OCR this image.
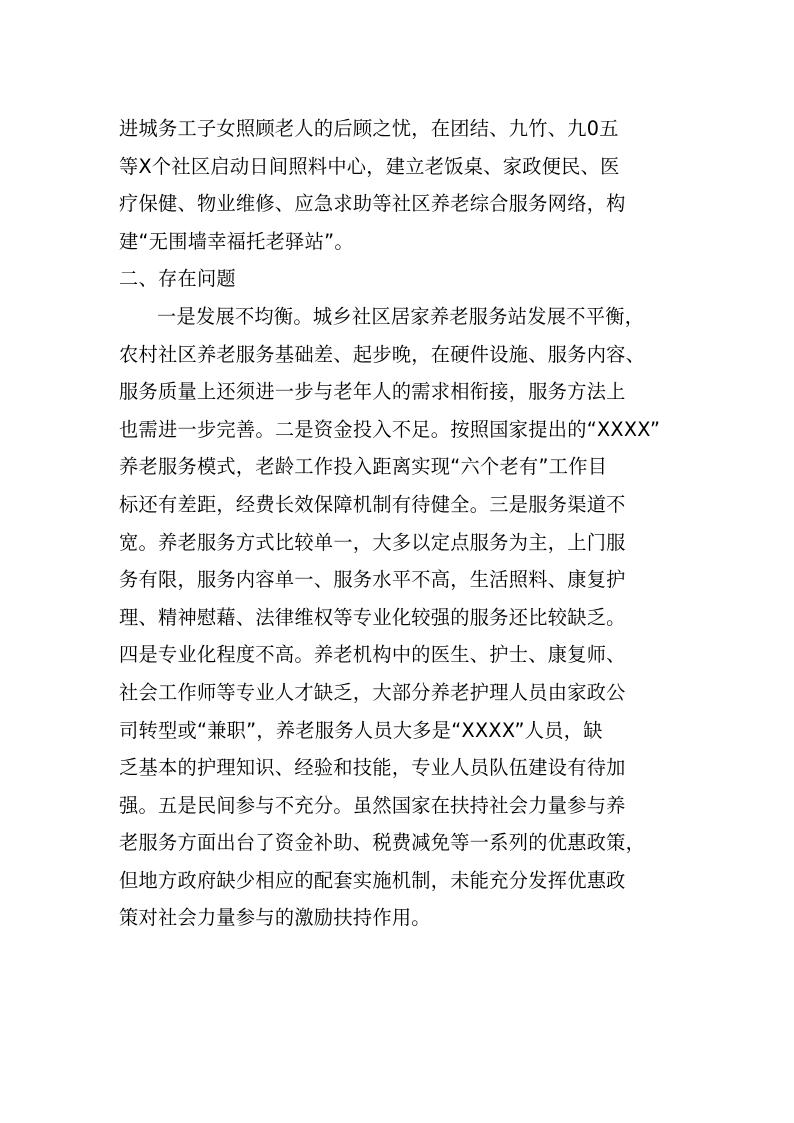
进城务工子女照顾老人的后顾之忧，在团结、九竹、九0五
等X个社区启动日间照料中心，建立老饭桌、家政便民、医
疗保健、物业维修、应急求助等社区养老综合服务网络，构
建“无围墙幸福托老驿站”。
二、存在问题
一是发展不均衡。城乡社区居家养老服务站发展不平衡，
农村社区养老服务基础差、起步晚，在硬件设施、服务内容、
服务质量上还须进一步与老年人的需求相衔接，服务方法上
也需进一步完善。二是资金投入不足。按照国家提出的“XXXX”
养老服务模式，老龄工作投入距离实现“六个老有”工作目
标还有差距，经费长效保障机制有待健全。三是服务渠道不
宽。养老服务方式比较单一，大多以定点服务为主，上门服
务有限，服务内容单一、服务水平不高，生活照料、康复护
理、精神慰藉、法律维权等专业化较强的服务还比较缺乏。
四是专业化程度不高。养老机构中的医生、护士、康复师、
社会工作师等专业人才缺乏，大部分养老护理人员由家政公
司转型或“兼职”，养老服务人员大多是“XXXX”人员，缺
乏基本的护理知识、经验和技能，专业人员队伍建设有待加
强。五是民间参与不充分。虽然国家在扶持社会力量参与养
老服务方面出台了资金补助、税费减免等一系列的优惠政策，
但地方政府缺少相应的配套实施机制，未能充分发挥优惠政
策对社会力量参与的激励扶持作用。
